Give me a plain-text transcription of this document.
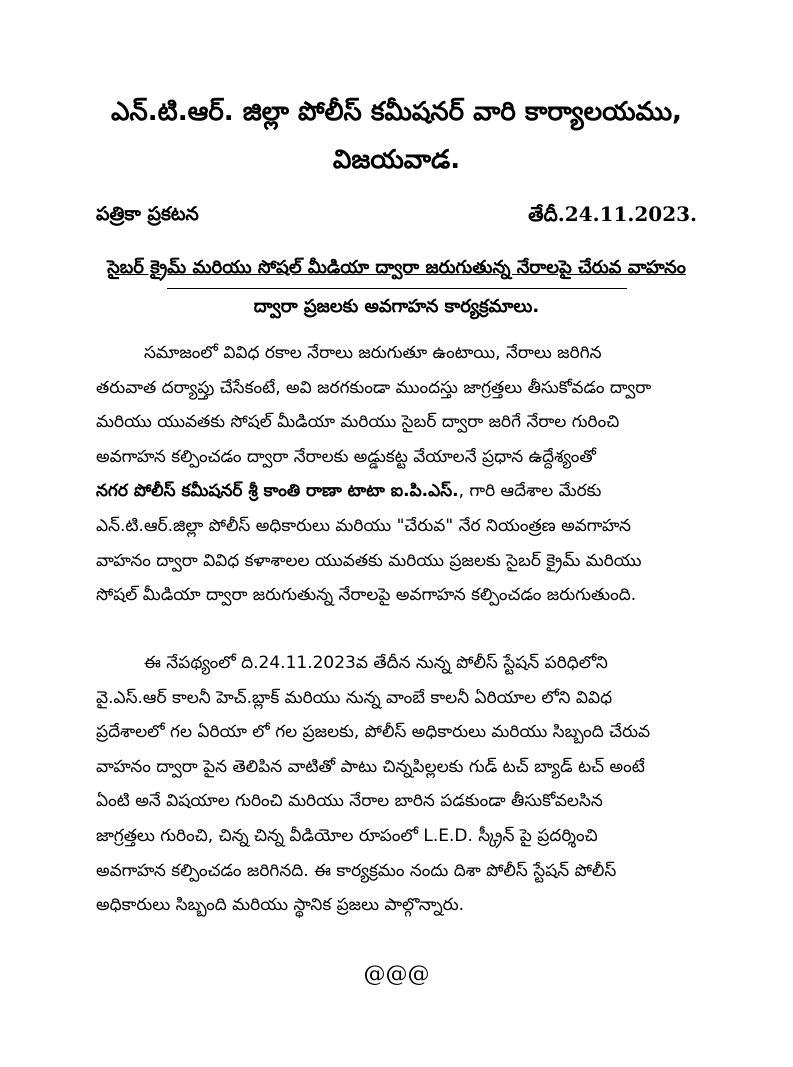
ఎన్.టి.ఆర్. జిల్లా పోలీస్ కమీషనర్ వారి కార్యాలయము,
విజయవాడ.
పత్రికా ప్రకటన	తేదీ.24.11.2023.
సైబర్ క్రైమ్ మరియు సోషల్ మీడియా ద్వారా జరుగుతున్న నేరాలపై చేరువ వాహనం
ద్వారా ప్రజలకు అవగాహన కార్యక్రమాలు.
సమాజంలో వివిధ రకాల నేరాలు జరుగుతూ ఉంటాయి, నేరాలు జరిగిన
తరువాత దర్యాప్తు చేసేకంటే, అవి జరగకుండా ముందస్తు జాగ్రత్తలు తీసుకోవడం ద్వారా
మరియు యువతకు సోషల్ మీడియా మరియు సైబర్ ద్వారా జరిగే నేరాల గురించి
అవగాహన కల్పించడం ద్వారా నేరాలకు అడ్డుకట్ట వేయాలనే ప్రధాన ఉద్దేశ్యంతో
నగర పోలీస్ కమీషనర్ శ్రీ కాంతి రాణా టాటా ఐ.పి.ఎస్., గారి ఆదేశాల మేరకు
ఎన్.టి.ఆర్.జిల్లా పోలీస్ అధికారులు మరియు "చేరువ" నేర నియంత్రణ అవగాహన
వాహనం ద్వారా వివిధ కళాశాలల యువతకు మరియు ప్రజలకు సైబర్ క్రైమ్ మరియు
సోషల్ మీడియా ద్వారా జరుగుతున్న నేరాలపై అవగాహన కల్పించడం జరుగుతుంది.
ఈ నేపథ్యంలో ది.24.11.2023వ తేదీన నున్న పోలీస్ స్టేషన్ పరిధిలోని
వై.ఎస్.ఆర్ కాలనీ హెచ్.బ్లాక్ మరియు నున్న వాంబే కాలనీ ఏరియాల లోని వివిధ
ప్రదేశాలలో గల ఏరియా లో గల ప్రజలకు, పోలీస్ అధికారులు మరియు సిబ్బంది చేరువ
వాహనం ద్వారా పైన తెలిపిన వాటితో పాటు చిన్నపిల్లలకు గుడ్ టచ్ బ్యాడ్ టచ్ అంటే
ఏంటి అనే విషయాల గురించి మరియు నేరాల బారిన పడకుండా తీసుకోవలసిన
జాగ్రత్తలు గురించి, చిన్న చిన్న వీడియోల రూపంలో L.E.D. స్క్రీన్ పై ప్రదర్శించి
అవగాహన కల్పించడం జరిగినది. ఈ కార్యక్రమం నందు దిశా పోలీస్ స్టేషన్ పోలీస్
అధికారులు సిబ్బంది మరియు స్థానిక ప్రజలు పాల్గొన్నారు.
@@@
